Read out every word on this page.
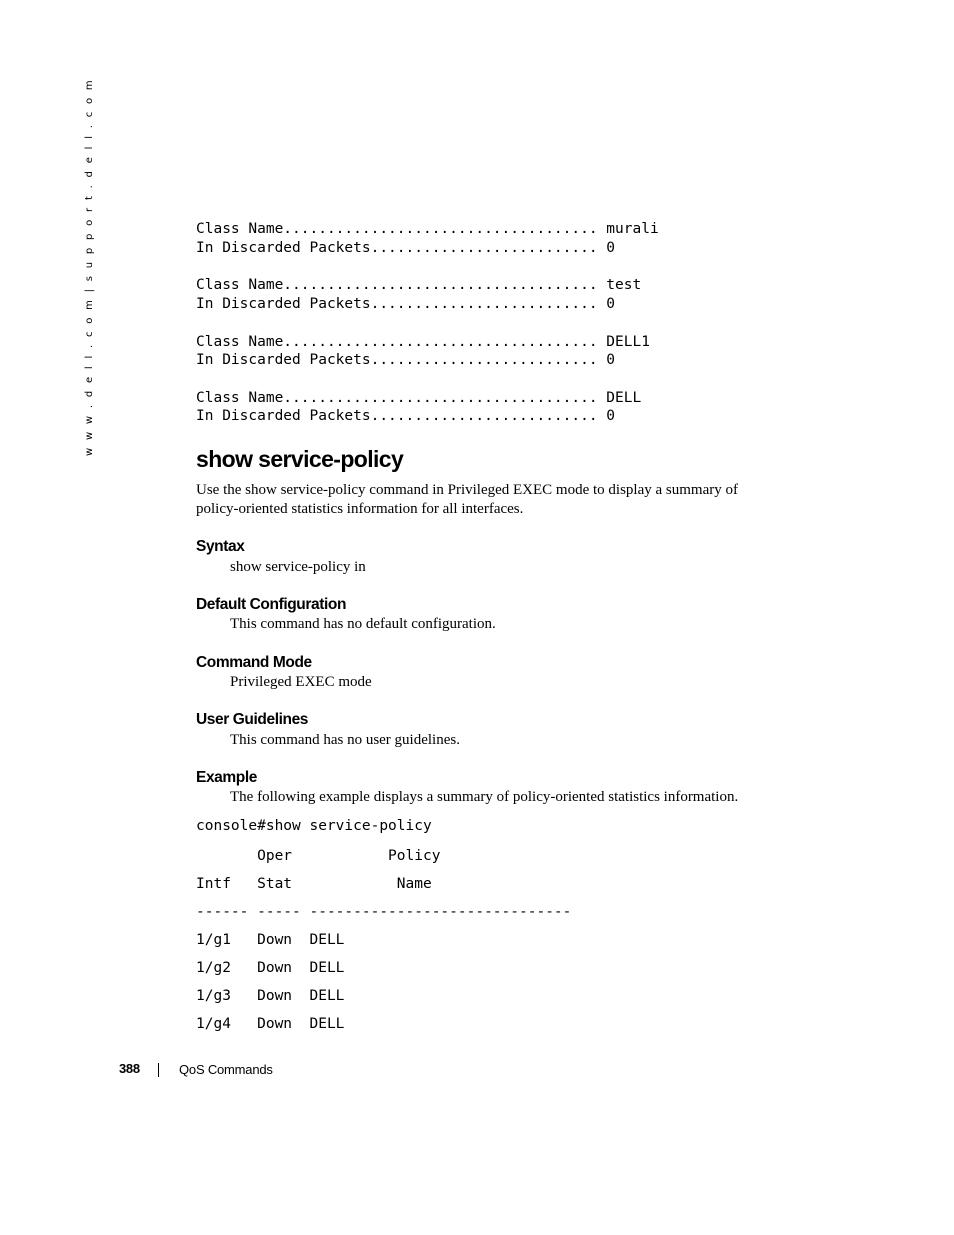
w w w . d e l l . c o m | s u p p o r t . d e l l . c o m	Class Name.................................... murali
In Discarded Packets.......................... 0
Class Name.................................... test
In Discarded Packets.......................... 0
Class Name.................................... DELL1
In Discarded Packets.......................... 0
Class Name.................................... DELL
In Discarded Packets.......................... 0
show service-policy

Use the show service-policy command in Privileged EXEC mode to display a summary of policy-oriented statistics information for all interfaces.

Syntax

show service-policy in

Default Configuration

This command has no default configuration.

Command Mode

Privileged EXEC mode

User Guidelines

This command has no user guidelines.

Example

The following example displays a summary of policy-oriented statistics information.

console#show service-policy
Oper           Policy
Intf   Stat            Name
------ ----- ------------------------------
1/g1   Down  DELL
1/g2   Down  DELL
1/g3   Down  DELL
1/g4   Down  DELL
388	QoS Commands
